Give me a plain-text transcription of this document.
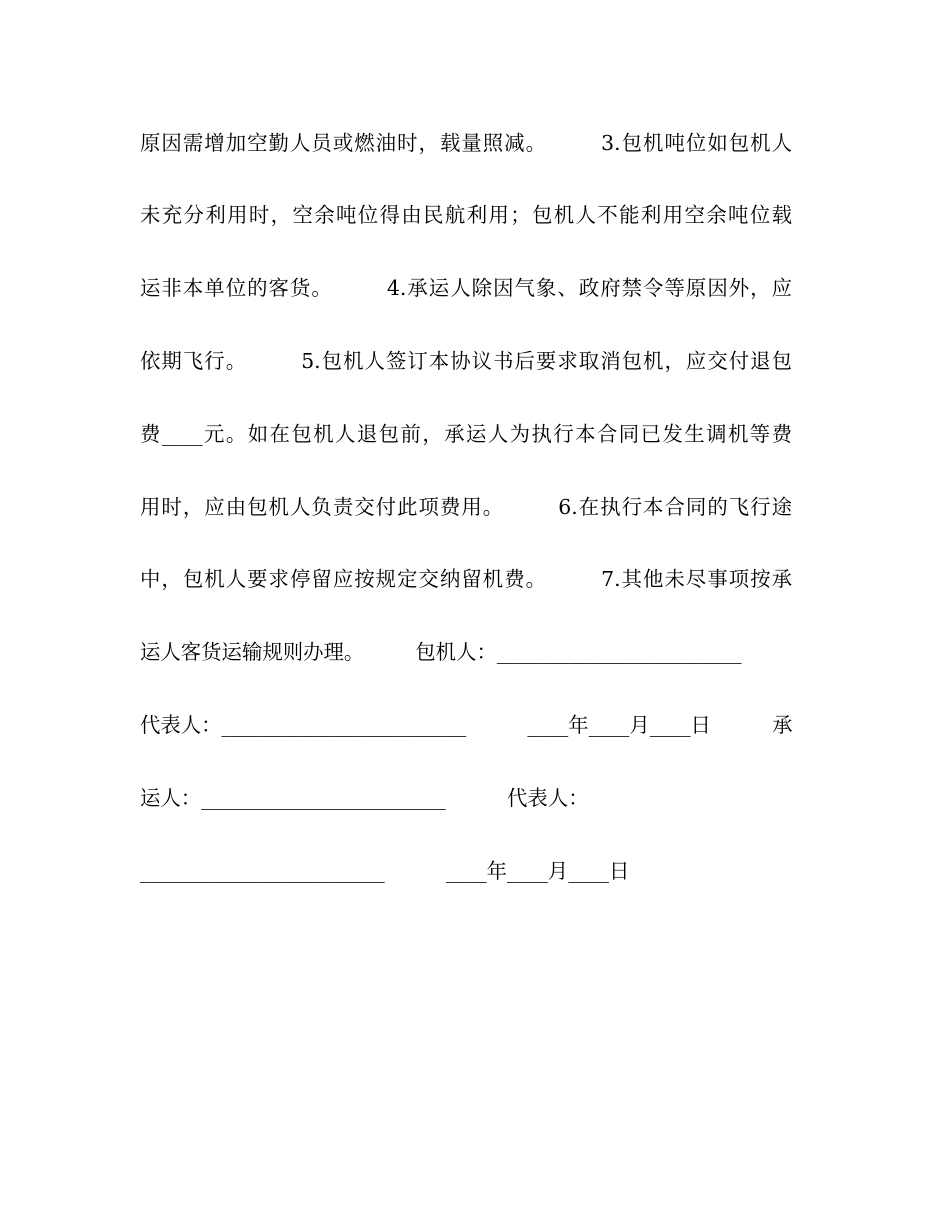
原因需增加空勤人员或燃油时，载量照减。　　　3.包机吨位如包机人
未充分利用时，空余吨位得由民航利用；包机人不能利用空余吨位载
运非本单位的客货。　　　4.承运人除因气象、政府禁令等原因外，应
依期飞行。　　　5.包机人签订本协议书后要求取消包机，应交付退包
费____元。如在包机人退包前，承运人为执行本合同已发生调机等费
用时，应由包机人负责交付此项费用。　　　6.在执行本合同的飞行途
中，包机人要求停留应按规定交纳留机费。　　　7.其他未尽事项按承
运人客货运输规则办理。　　　包机人：________________________
代表人：________________________　　　____年____月____日　　　承
运人：________________________　　　代表人：
________________________　　　____年____月____日
